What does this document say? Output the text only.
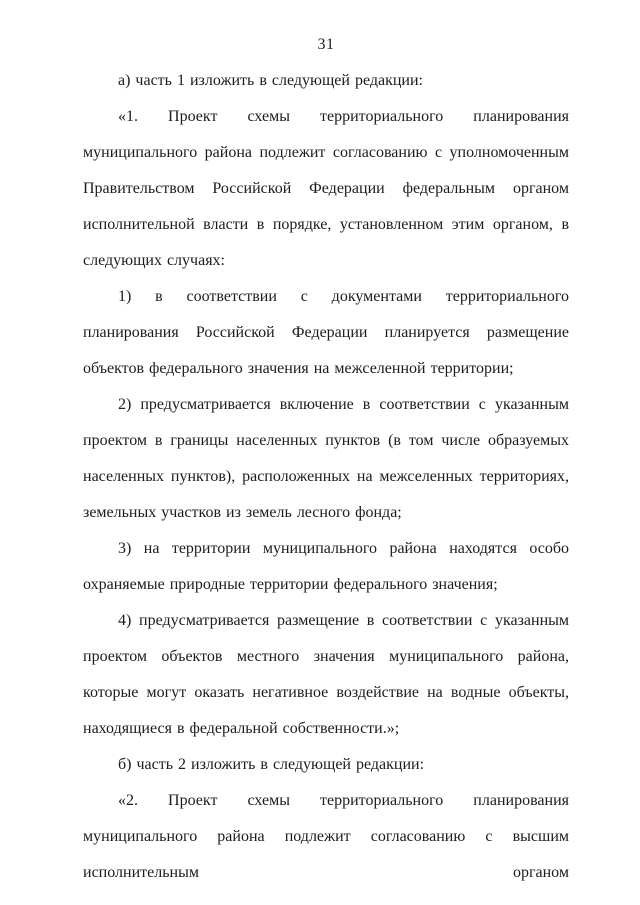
31

а) часть 1 изложить в следующей редакции:

«1. Проект схемы территориального планирования муниципального района подлежит согласованию с уполномоченным Правительством Российской Федерации федеральным органом исполнительной власти в порядке, установленном этим органом, в следующих случаях:

1) в соответствии с документами территориального планирования Российской Федерации планируется размещение объектов федерального значения на межселенной территории;

2) предусматривается включение в соответствии с указанным проектом в границы населенных пунктов (в том числе образуемых населенных пунктов), расположенных на межселенных территориях, земельных участков из земель лесного фонда;

3) на территории муниципального района находятся особо охраняемые природные территории федерального значения;

4) предусматривается размещение в соответствии с указанным проектом объектов местного значения муниципального района, которые могут оказать негативное воздействие на водные объекты, находящиеся в федеральной собственности.»;

б) часть 2 изложить в следующей редакции:

«2. Проект схемы территориального планирования муниципального района подлежит согласованию с высшим исполнительным органом
